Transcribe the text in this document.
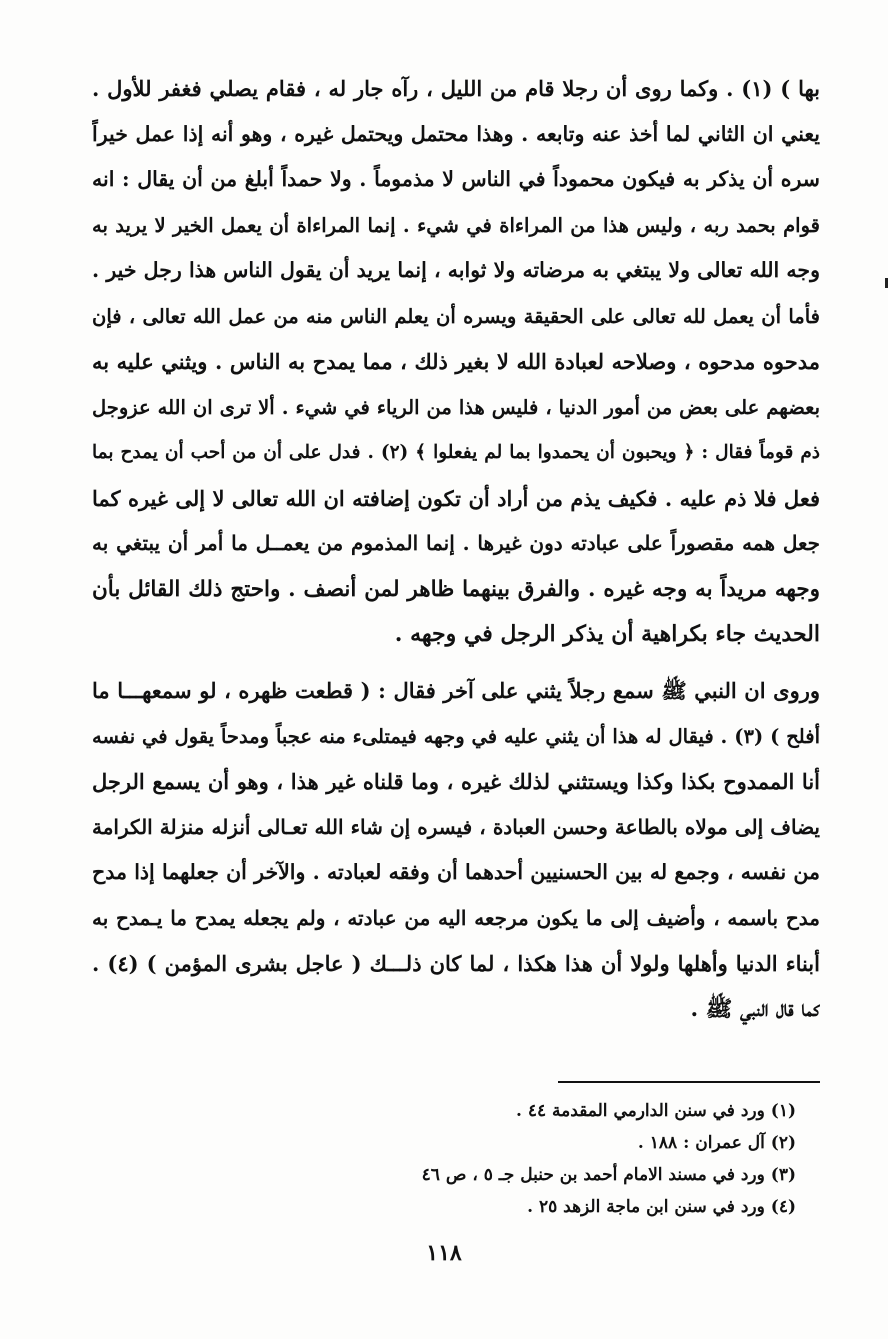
بها ) (١) . وكما روى أن رجلا قام من الليل ، رآه جار له ، فقام يصلي فغفر للأول .
يعني ان الثاني لما أخذ عنه وتابعه . وهذا محتمل ويحتمل غيره ، وهو أنه إذا عمل خيراً
سره أن يذكر به فيكون محموداً في الناس لا مذموماً . ولا حمداً أبلغ من أن يقال : انه
قوام بحمد ربه ، وليس هذا من المراءاة في شيء . إنما المراءاة أن يعمل الخير لا يريد به
وجه الله تعالى ولا يبتغي به مرضاته ولا ثوابه ، إنما يريد أن يقول الناس هذا رجل خير .
فأما أن يعمل لله تعالى على الحقيقة ويسره أن يعلم الناس منه من عمل الله تعالى ، فإن
مدحوه مدحوه ، وصلاحه لعبادة الله لا بغير ذلك ، مما يمدح به الناس . ويثني عليه به
بعضهم على بعض من أمور الدنيا ، فليس هذا من الرياء في شيء . ألا ترى ان الله عزوجل
ذم قوماً فقال : ﴿ ويحبون أن يحمدوا بما لم يفعلوا ﴾ (٢) . فدل على أن من أحب أن يمدح بما
فعل فلا ذم عليه . فكيف يذم من أراد أن تكون إضافته ان الله تعالى لا إلى غيره كما
جعل همه مقصوراً على عبادته دون غيرها . إنما المذموم من يعمــل ما أمر أن يبتغي به
وجهه مريداً به وجه غيره . والفرق بينهما ظاهر لمن أنصف . واحتج ذلك القائل بأن
الحديث جاء بكراهية أن يذكر الرجل في وجهه .
وروى ان النبي ﷺ سمع رجلاً يثني على آخر فقال : ( قطعت ظهره ، لو سمعهـــا ما
أفلح ) (٣) . فيقال له هذا أن يثني عليه في وجهه فيمتلىء منه عجباً ومدحاً يقول في نفسه
أنا الممدوح بكذا وكذا ويستثني لذلك غيره ، وما قلناه غير هذا ، وهو أن يسمع الرجل
يضاف إلى مولاه بالطاعة وحسن العبادة ، فيسره إن شاء الله تعـالى أنزله منزلة الكرامة
من نفسه ، وجمع له بين الحسنيين أحدهما أن وفقه لعبادته . والآخر أن جعلهما إذا مدح
مدح باسمه ، وأضيف إلى ما يكون مرجعه اليه من عبادته ، ولم يجعله يمدح ما يـمدح به
أبناء الدنيا وأهلها ولولا أن هذا هكذا ، لما كان ذلـــك ( عاجل بشرى المؤمن ) (٤) .
كما قال النبي ﷺ .
(١) ورد في سنن الدارمي المقدمة ٤٤ .
(٢) آل عمران : ١٨٨ .
(٣) ورد في مسند الامام أحمد بن حنبل جـ ٥ ، ص ٤٦
(٤) ورد في سنن ابن ماجة الزهد ٢٥ .
١١٨
